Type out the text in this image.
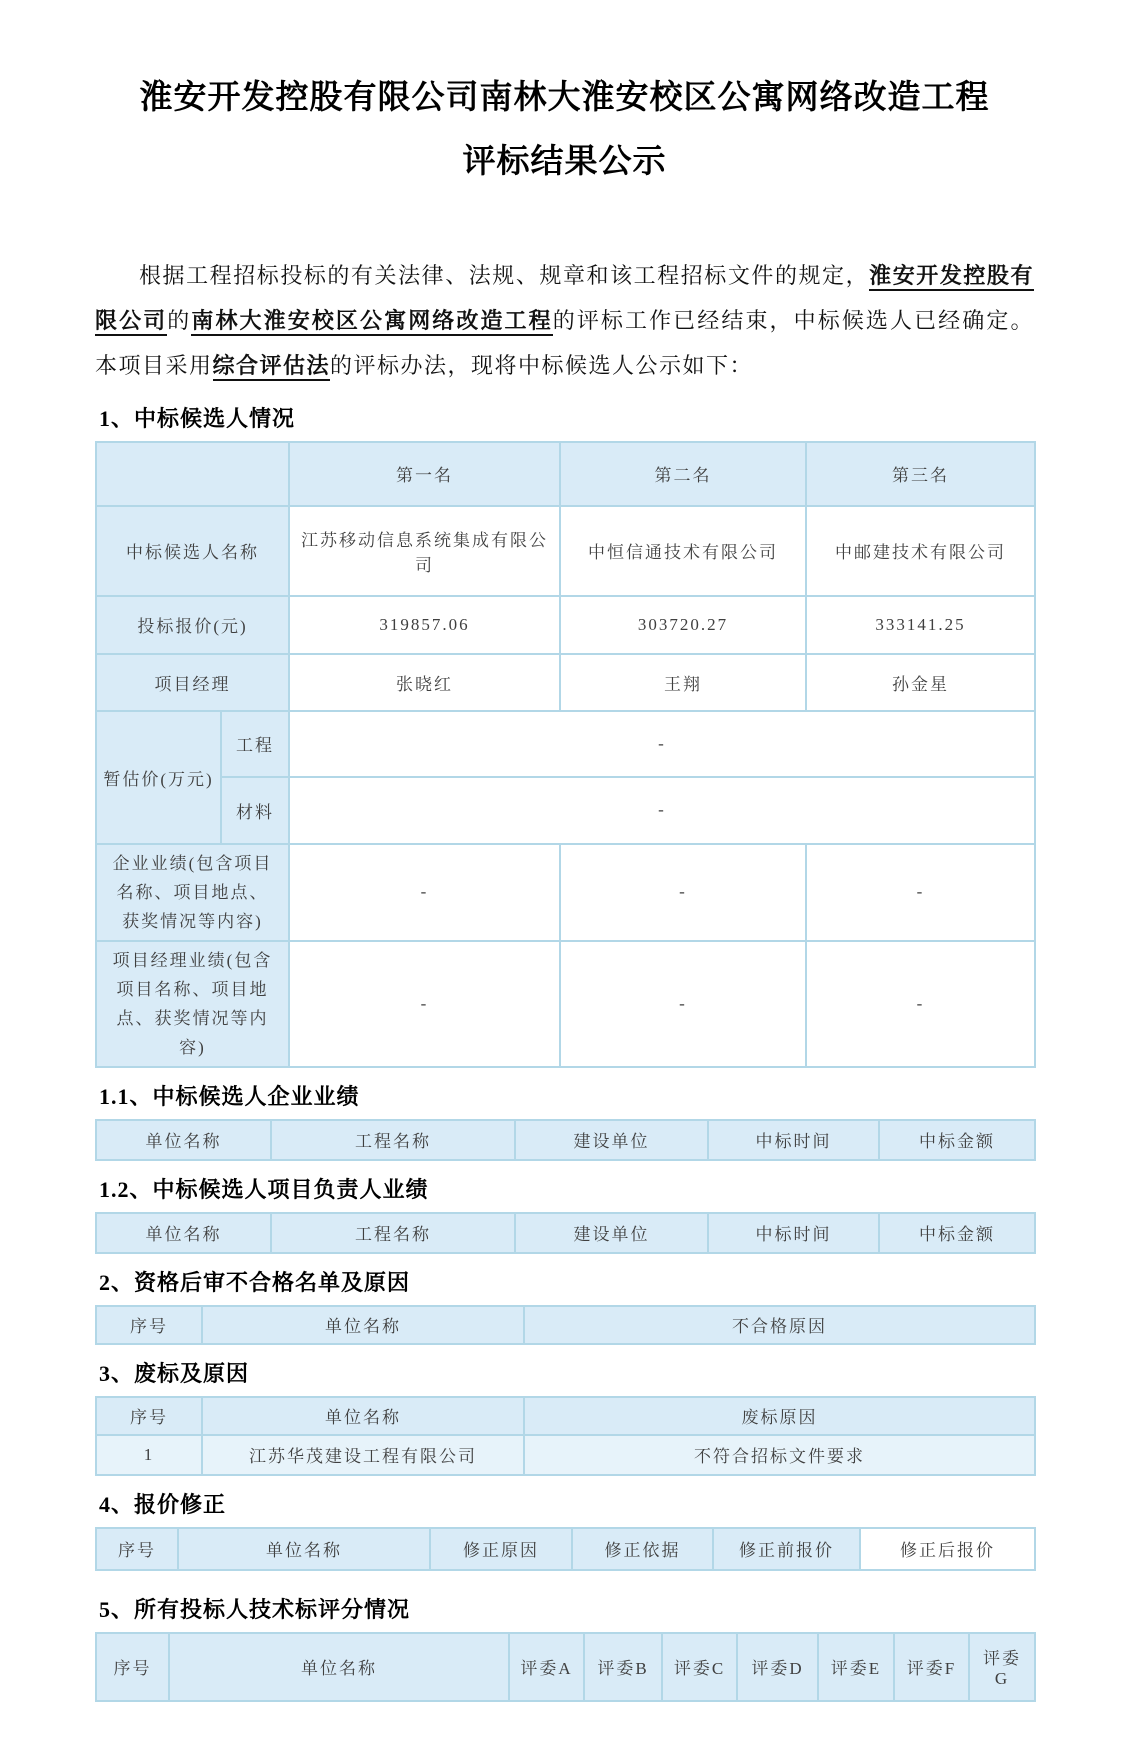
淮安开发控股有限公司南林大淮安校区公寓网络改造工程
评标结果公示

根据工程招标投标的有关法律、法规、规章和该工程招标文件的规定，淮安开发控股有限公司的南林大淮安校区公寓网络改造工程的评标工作已经结束，中标候选人已经确定。本项目采用综合评估法的评标办法，现将中标候选人公示如下：

1、中标候选人情况
		第一名	第二名	第三名
中标候选人名称		江苏移动信息系统集成有限公司	中恒信通技术有限公司	中邮建技术有限公司
投标报价(元)		319857.06	303720.27	333141.25
项目经理		张晓红	王翔	孙金星
暂估价(万元)	工程	-		
	材料	-		
企业业绩(包含项目名称、项目地点、获奖情况等内容)		-	-	-
项目经理业绩(包含项目名称、项目地点、获奖情况等内容)		-	-	-
1.1、中标候选人企业业绩
单位名称	工程名称	建设单位	中标时间	中标金额
1.2、中标候选人项目负责人业绩
单位名称	工程名称	建设单位	中标时间	中标金额
2、资格后审不合格名单及原因
序号	单位名称	不合格原因
3、废标及原因
序号	单位名称	废标原因
1	江苏华茂建设工程有限公司	不符合招标文件要求
4、报价修正
序号	单位名称	修正原因	修正依据	修正前报价	修正后报价
5、所有投标人技术标评分情况
序号	单位名称	评委A	评委B	评委C	评委D	评委E	评委F	评委G
